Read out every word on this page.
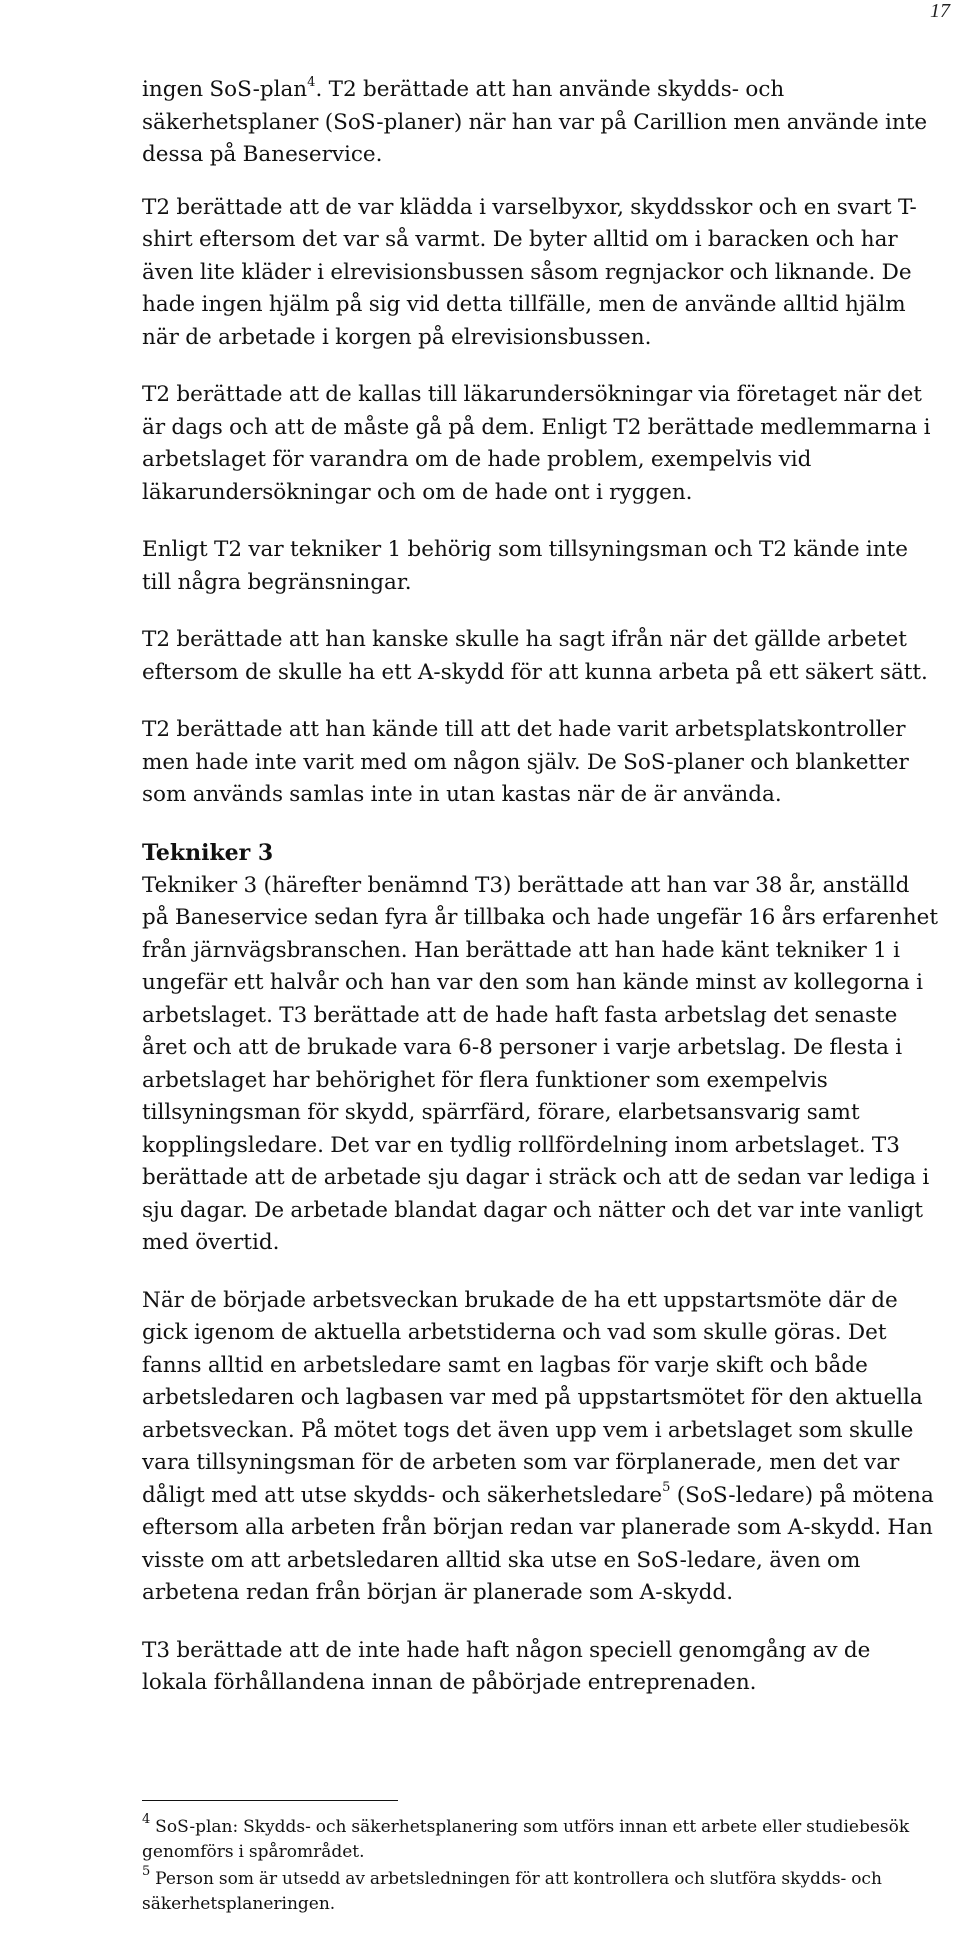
17

ingen SoS-plan$^4$. T2 berättade att han använde skydds- och säkerhetsplaner (SoS-planer) när han var på Carillion men använde inte dessa på Baneservice.

T2 berättade att de var klädda i varselbyxor, skyddsskor och en svart T-shirt eftersom det var så varmt. De byter alltid om i baracken och har även lite kläder i elrevisionsbussen såsom regnjackor och liknande. De hade ingen hjälm på sig vid detta tillfälle, men de använde alltid hjälm när de arbetade i korgen på elrevisionsbussen.

T2 berättade att de kallas till läkarundersökningar via företaget när det är dags och att de måste gå på dem. Enligt T2 berättade medlemmarna i arbetslaget för varandra om de hade problem, exempelvis vid läkarundersökningar och om de hade ont i ryggen.

Enligt T2 var tekniker 1 behörig som tillsyningsman och T2 kände inte till några begränsningar.

T2 berättade att han kanske skulle ha sagt ifrån när det gällde arbetet eftersom de skulle ha ett A-skydd för att kunna arbeta på ett säkert sätt.

T2 berättade att han kände till att det hade varit arbetsplatskontroller men hade inte varit med om någon själv. De SoS-planer och blanketter som används samlas inte in utan kastas när de är använda.

Tekniker 3

Tekniker 3 (härefter benämnd T3) berättade att han var 38 år, anställd på Baneservice sedan fyra år tillbaka och hade ungefär 16 års erfarenhet från järnvägsbranschen. Han berättade att han hade känt tekniker 1 i ungefär ett halvår och han var den som han kände minst av kollegorna i arbetslaget. T3 berättade att de hade haft fasta arbetslag det senaste året och att de brukade vara 6-8 personer i varje arbetslag. De flesta i arbetslaget har behörighet för flera funktioner som exempelvis tillsyningsman för skydd, spärrfärd, förare, elarbetsansvarig samt kopplingsledare. Det var en tydlig rollfördelning inom arbetslaget. T3 berättade att de arbetade sju dagar i sträck och att de sedan var lediga i sju dagar. De arbetade blandat dagar och nätter och det var inte vanligt med övertid.

När de började arbetsveckan brukade de ha ett uppstartsmöte där de gick igenom de aktuella arbetstiderna och vad som skulle göras. Det fanns alltid en arbetsledare samt en lagbas för varje skift och både arbetsledaren och lagbasen var med på uppstartsmötet för den aktuella arbetsveckan. På mötet togs det även upp vem i arbetslaget som skulle vara tillsyningsman för de arbeten som var förplanerade, men det var dåligt med att utse skydds- och säkerhetsledare$^5$ (SoS-ledare) på mötena eftersom alla arbeten från början redan var planerade som A-skydd. Han visste om att arbetsledaren alltid ska utse en SoS-ledare, även om arbetena redan från början är planerade som A-skydd.

T3 berättade att de inte hade haft någon speciell genomgång av de lokala förhållandena innan de påbörjade entreprenaden.

$^4$ SoS-plan: Skydds- och säkerhetsplanering som utförs innan ett arbete eller studiebesök genomförs i spårområdet.

$^5$ Person som är utsedd av arbetsledningen för att kontrollera och slutföra skydds- och säkerhetsplaneringen.
